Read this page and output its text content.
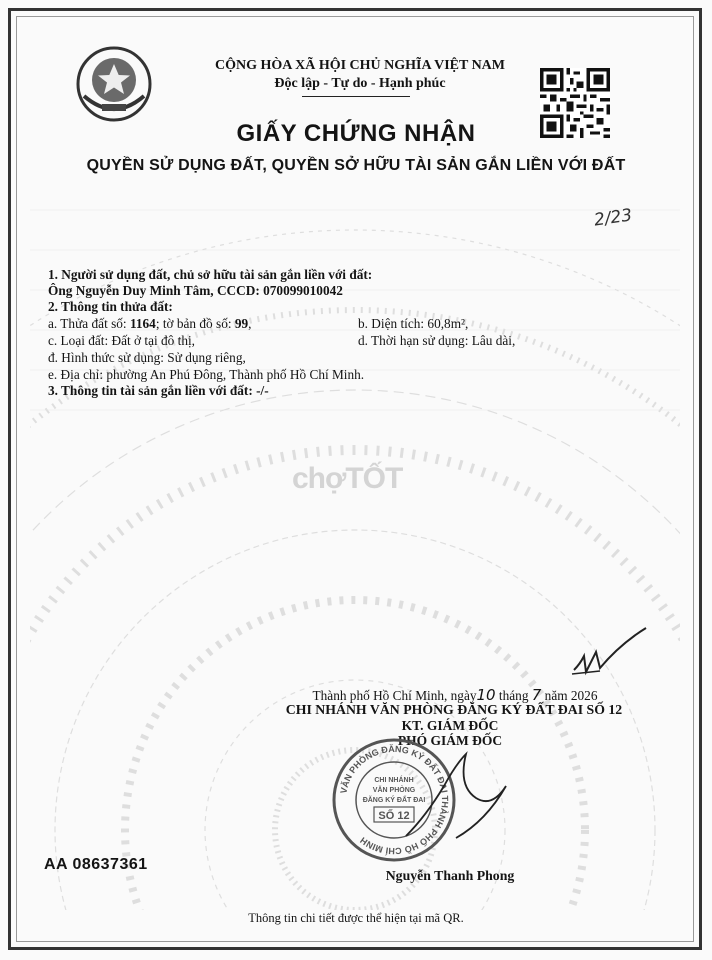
CỘNG HÒA XÃ HỘI CHỦ NGHĨA VIỆT NAM
Độc lập - Tự do - Hạnh phúc
GIẤY CHỨNG NHẬN
QUYỀN SỬ DỤNG ĐẤT, QUYỀN SỞ HỮU TÀI SẢN GẮN LIỀN VỚI ĐẤT
2/23
1. Người sử dụng đất, chủ sở hữu tài sản gắn liền với đất:
Ông Nguyễn Duy Minh Tâm, CCCD: 070099010042
2. Thông tin thửa đất:
a. Thửa đất số: 1164; tờ bản đồ số: 99,	b. Diện tích: 60,8m²,
c. Loại đất: Đất ở tại đô thị,	d. Thời hạn sử dụng: Lâu dài,
đ. Hình thức sử dụng: Sử dụng riêng,
e. Địa chỉ: phường An Phú Đông, Thành phố Hồ Chí Minh.
3. Thông tin tài sản gắn liền với đất: -/-
chợTỐT
Thành phố Hồ Chí Minh, ngày10 tháng 7 năm 2026
CHI NHÁNH VĂN PHÒNG ĐĂNG KÝ ĐẤT ĐAI SỐ 12
KT. GIÁM ĐỐC
PHÓ GIÁM ĐỐC
VĂN PHÒNG ĐĂNG KÝ ĐẤT ĐAI THÀNH PHỐ HỒ CHÍ MINH
CHI NHÁNH
VĂN PHÒNG
ĐĂNG KÝ ĐẤT ĐAI
SỐ 12
Nguyễn Thanh Phong
AA 08637361
Thông tin chi tiết được thể hiện tại mã QR.
